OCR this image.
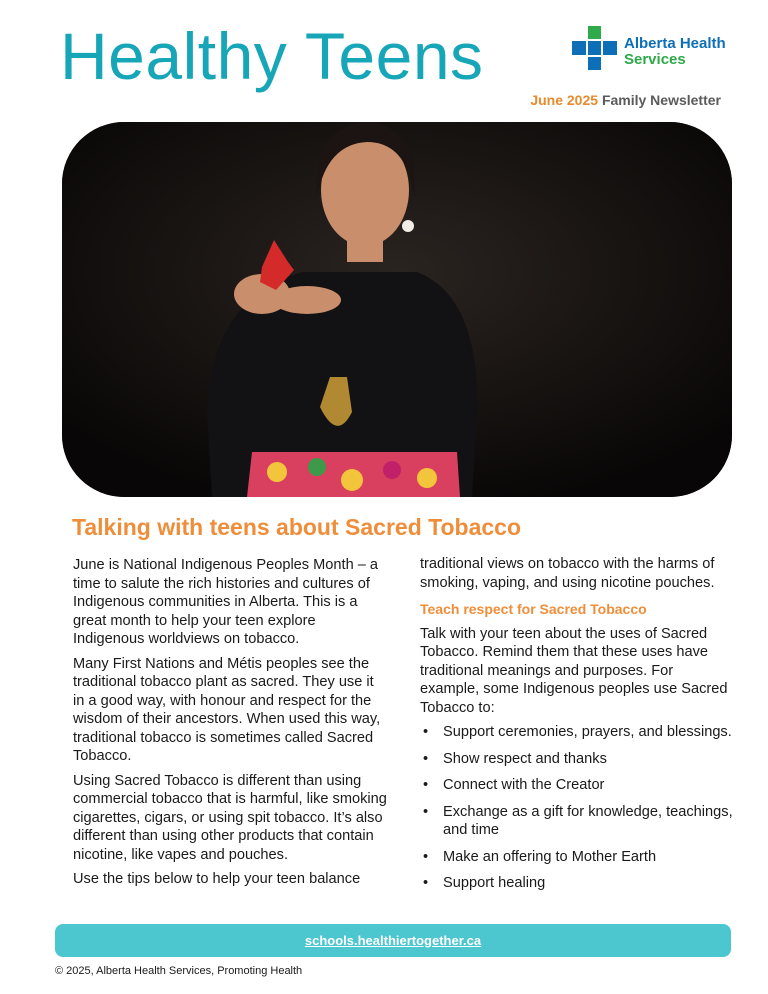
Healthy Teens	Alberta Health
Services
June 2025 Family Newsletter
Talking with teens about Sacred Tobacco

June is National Indigenous Peoples Month – a time to salute the rich histories and cultures of Indigenous communities in Alberta. This is a great month to help your teen explore Indigenous worldviews on tobacco.

Many First Nations and Métis peoples see the traditional tobacco plant as sacred. They use it in a good way, with honour and respect for the wisdom of their ancestors. When used this way, traditional tobacco is sometimes called Sacred Tobacco.

Using Sacred Tobacco is different than using commercial tobacco that is harmful, like smoking cigarettes, cigars, or using spit tobacco. It’s also different than using other products that contain nicotine, like vapes and pouches.

Use the tips below to help your teen balance

traditional views on tobacco with the harms of smoking, vaping, and using nicotine pouches.

Teach respect for Sacred Tobacco

Talk with your teen about the uses of Sacred Tobacco. Remind them that these uses have traditional meanings and purposes. For example, some Indigenous peoples use Sacred Tobacco to:

• Support ceremonies, prayers, and blessings.
• Show respect and thanks
• Connect with the Creator
• Exchange as a gift for knowledge, teachings, and time
• Make an offering to Mother Earth
• Support healing
schools.healthiertogether.ca
© 2025, Alberta Health Services, Promoting Health
